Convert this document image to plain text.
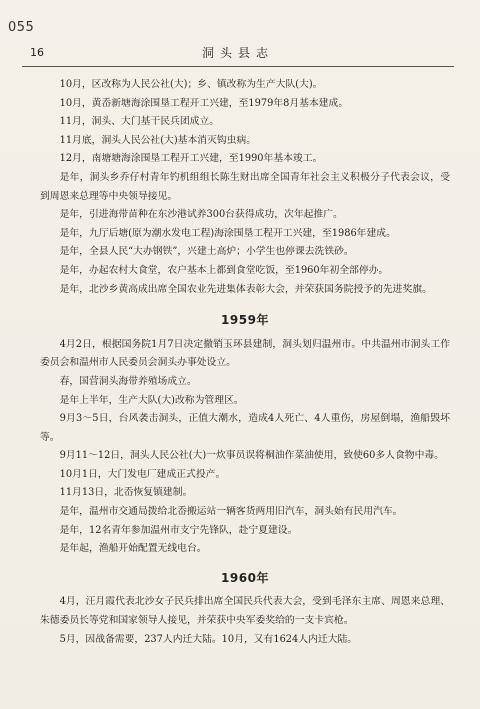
055
16	洞头县志

10月，区改称为人民公社(大)；乡、镇改称为生产大队(大)。

10月，黄岙新塘海涂围垦工程开工兴建，至1979年8月基本建成。

11月，洞头、大门基干民兵团成立。

11月底，洞头人民公社(大)基本消灭钩虫病。

12月，南塘塘海涂围垦工程开工兴建，至1990年基本竣工。

是年，洞头乡乔仔村青年钓机组组长陈生财出席全国青年社会主义积极分子代表会议，受到周恩来总理等中央领导接见。

是年，引进海带苗种在东沙港试养300台获得成功，次年起推广。

是年，九厅后塘(原为潮水发电工程)海涂围垦工程开工兴建，至1986年建成。

是年，全县人民“大办钢铁”，兴建土高炉；小学生也停课去洗铁砂。

是年，办起农村大食堂，农户基本上都到食堂吃饭，至1960年初全部停办。

是年，北沙乡黄高成出席全国农业先进集体表彰大会，并荣获国务院授予的先进奖旗。

1959年

4月2日，根据国务院1月7日决定撤销玉环县建制，洞头划归温州市。中共温州市洞头工作委员会和温州市人民委员会洞头办事处设立。

春，国营洞头海带养殖场成立。

是年上半年，生产大队(大)改称为管理区。

9月3～5日，台风袭击洞头，正值大潮水，造成4人死亡、4人重伤，房屋倒塌，渔船毁坏等。

9月11～12日，洞头人民公社(大)一炊事员误将桐油作菜油使用，致使60多人食物中毒。

10月1日，大门发电厂建成正式投产。

11月13日，北岙恢复镇建制。

是年，温州市交通局拨给北岙搬运站一辆客货两用旧汽车，洞头始有民用汽车。

是年，12名青年参加温州市支宁先锋队，赴宁夏建设。

是年起，渔船开始配置无线电台。

1960年

4月，汪月霞代表北沙女子民兵排出席全国民兵代表大会，受到毛泽东主席、周恩来总理、朱德委员长等党和国家领导人接见，并荣获中央军委奖给的一支卡宾枪。

5月，因战备需要，237人内迁大陆。10月，又有1624人内迁大陆。
